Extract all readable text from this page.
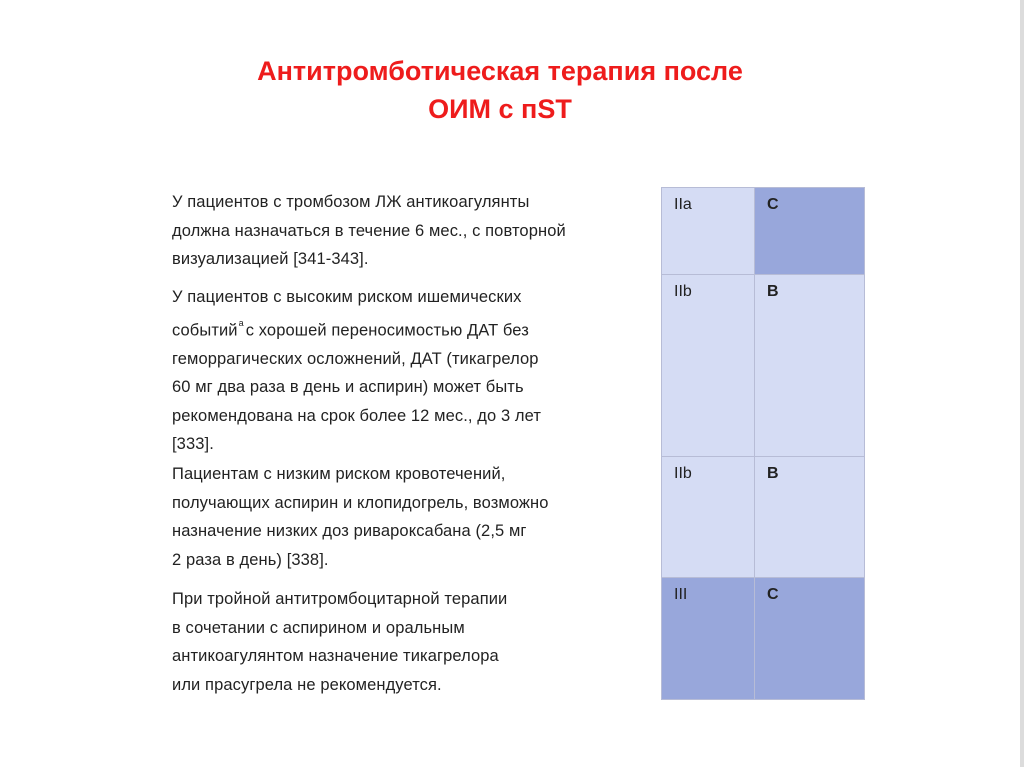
Антитромботическая терапия после
ОИМ с пST
У пациентов с тромбозом ЛЖ антикоагулянты
должна назначаться в течение 6 мес., с повторной
визуализацией [341-343].
У пациентов с высоким риском ишемических
событий$^a$ с хорошей переносимостью ДАТ без
геморрагических осложнений, ДАТ (тикагрелор
60 мг два раза в день и аспирин) может быть
рекомендована на срок более 12 мес., до 3 лет
[333].
Пациентам с низким риском кровотечений,
получающих аспирин и клопидогрель, возможно
назначение низких доз ривароксабана (2,5 мг
2 раза в день) [338].
При тройной антитромбоцитарной терапии
в сочетании с аспирином и оральным
антикоагулянтом назначение тикагрелора
или прасугрела не рекомендуется.
IIa	C
IIb	B
IIb	B
III	C
